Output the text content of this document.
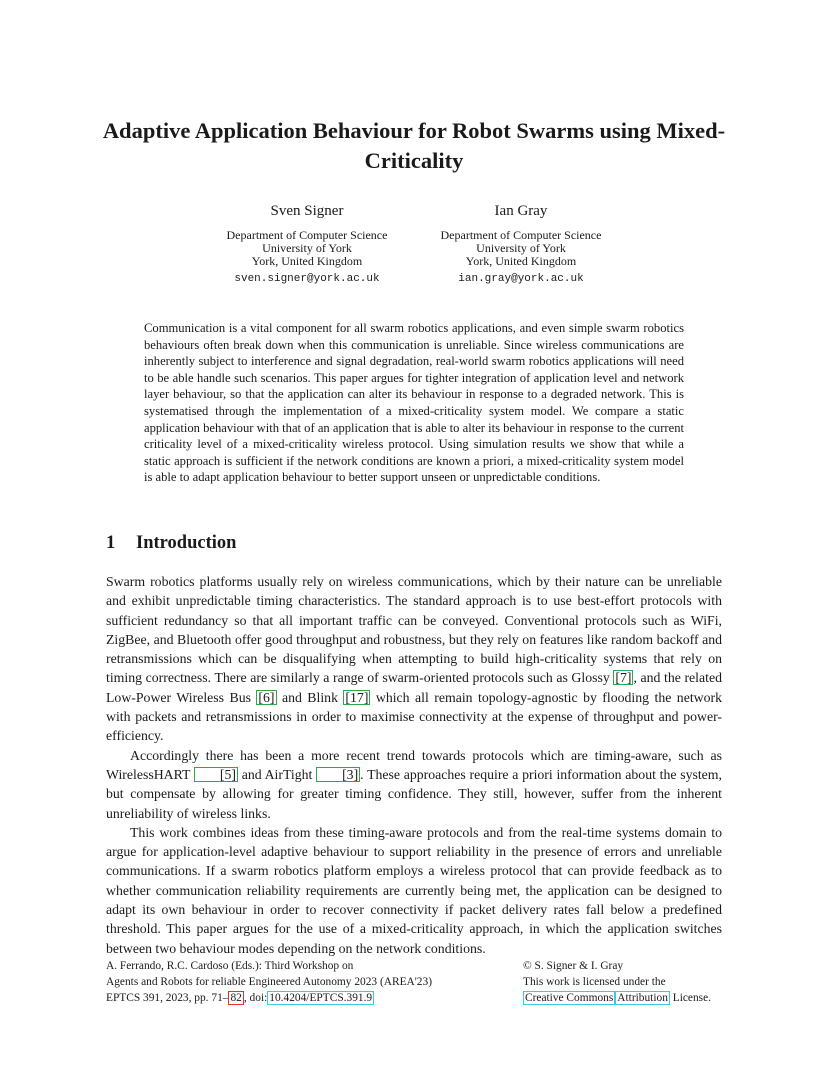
Adaptive Application Behaviour for Robot Swarms using Mixed-Criticality
Sven Signer
Department of Computer Science
University of York
York, United Kingdom
sven.signer@york.ac.uk
Ian Gray
Department of Computer Science
University of York
York, United Kingdom
ian.gray@york.ac.uk

Communication is a vital component for all swarm robotics applications, and even simple swarm robotics behaviours often break down when this communication is unreliable. Since wireless communications are inherently subject to interference and signal degradation, real-world swarm robotics applications will need to be able handle such scenarios. This paper argues for tighter integration of application level and network layer behaviour, so that the application can alter its behaviour in response to a degraded network. This is systematised through the implementation of a mixed-criticality system model. We compare a static application behaviour with that of an application that is able to alter its behaviour in response to the current criticality level of a mixed-criticality wireless protocol. Using simulation results we show that while a static approach is sufficient if the network conditions are known a priori, a mixed-criticality system model is able to adapt application behaviour to better support unseen or unpredictable conditions.

1 Introduction

Swarm robotics platforms usually rely on wireless communications, which by their nature can be unreliable and exhibit unpredictable timing characteristics. The standard approach is to use best-effort protocols with sufficient redundancy so that all important traffic can be conveyed. Conventional protocols such as WiFi, ZigBee, and Bluetooth offer good throughput and robustness, but they rely on features like random backoff and retransmissions which can be disqualifying when attempting to build high-criticality systems that rely on timing correctness. There are similarly a range of swarm-oriented protocols such as Glossy [7] , and the related Low-Power Wireless Bus [6] and Blink [17] which all remain topology-agnostic by flooding the network with packets and retransmissions in order to maximise connectivity at the expense of throughput and power-efficiency.

Accordingly there has been a more recent trend towards protocols which are timing-aware, such as WirelessHART [5] and AirTight [3] . These approaches require a priori information about the system, but compensate by allowing for greater timing confidence. They still, however, suffer from the inherent unreliability of wireless links.

This work combines ideas from these timing-aware protocols and from the real-time systems domain to argue for application-level adaptive behaviour to support reliability in the presence of errors and unreliable communications. If a swarm robotics platform employs a wireless protocol that can provide feedback as to whether communication reliability requirements are currently being met, the application can be designed to adapt its own behaviour in order to recover connectivity if packet delivery rates fall below a predefined threshold. This paper argues for the use of a mixed-criticality approach, in which the application switches between two behaviour modes depending on the network conditions.

A. Ferrando, R.C. Cardoso (Eds.): Third Workshop on
Agents and Robots for reliable Engineered Autonomy 2023 (AREA'23)
EPTCS 391, 2023, pp. 71– 82 , doi: 10.4204/EPTCS.391.9
© S. Signer & I. Gray
This work is licensed under the
Creative Commons Attribution License.
